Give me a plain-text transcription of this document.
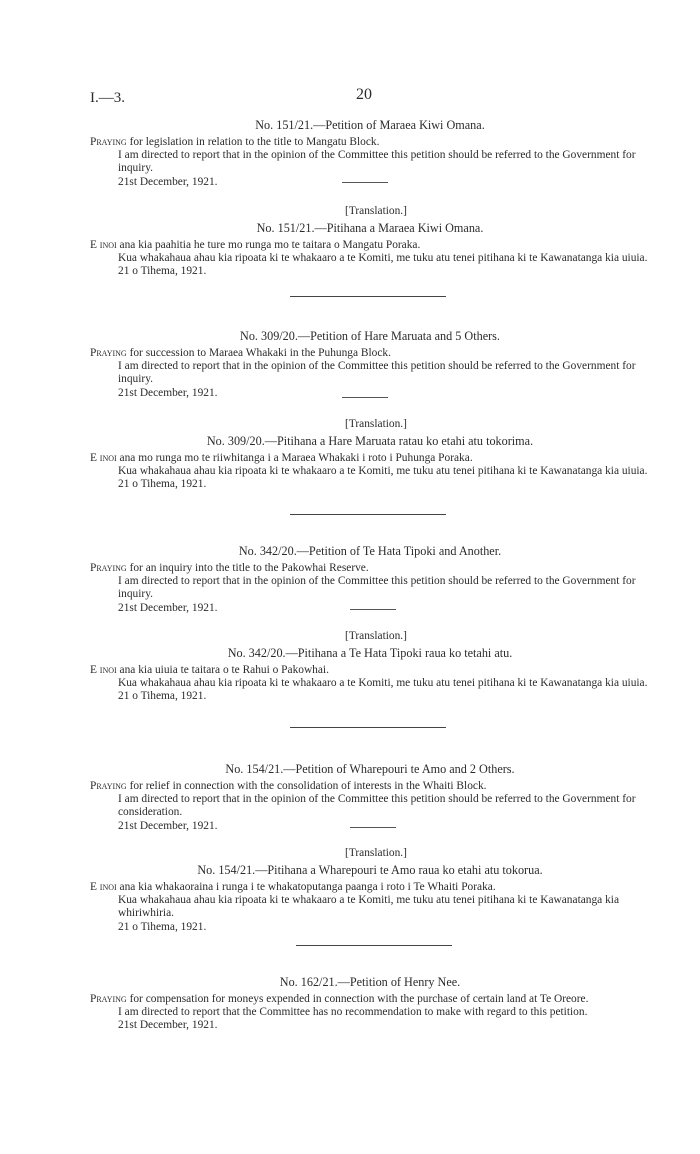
I.—3.	20
No. 151/21.—Petition of Maraea Kiwi Omana.

Praying for legislation in relation to the title to Mangatu Block.

I am directed to report that in the opinion of the Committee this petition should be referred to the Government for inquiry.

21st December, 1921.

[Translation.]
No. 151/21.—Pitihana a Maraea Kiwi Omana.

E inoi ana kia paahitia he ture mo runga mo te taitara o Mangatu Poraka.

Kua whakahaua ahau kia ripoata ki te whakaaro a te Komiti, me tuku atu tenei pitihana ki te Kawanatanga kia uiuia.

21 o Tihema, 1921.

No. 309/20.—Petition of Hare Maruata and 5 Others.

Praying for succession to Maraea Whakaki in the Puhunga Block.

I am directed to report that in the opinion of the Committee this petition should be referred to the Government for inquiry.

21st December, 1921.

[Translation.]
No. 309/20.—Pitihana a Hare Maruata ratau ko etahi atu tokorima.

E inoi ana mo runga mo te riiwhitanga i a Maraea Whakaki i roto i Puhunga Poraka.

Kua whakahaua ahau kia ripoata ki te whakaaro a te Komiti, me tuku atu tenei pitihana ki te Kawanatanga kia uiuia.

21 o Tihema, 1921.

No. 342/20.—Petition of Te Hata Tipoki and Another.

Praying for an inquiry into the title to the Pakowhai Reserve.

I am directed to report that in the opinion of the Committee this petition should be referred to the Government for inquiry.

21st December, 1921.

[Translation.]
No. 342/20.—Pitihana a Te Hata Tipoki raua ko tetahi atu.

E inoi ana kia uiuia te taitara o te Rahui o Pakowhai.

Kua whakahaua ahau kia ripoata ki te whakaaro a te Komiti, me tuku atu tenei pitihana ki te Kawanatanga kia uiuia.

21 o Tihema, 1921.

No. 154/21.—Petition of Wharepouri te Amo and 2 Others.

Praying for relief in connection with the consolidation of interests in the Whaiti Block.

I am directed to report that in the opinion of the Committee this petition should be referred to the Government for consideration.

21st December, 1921.

[Translation.]
No. 154/21.—Pitihana a Wharepouri te Amo raua ko etahi atu tokorua.

E inoi ana kia whakaoraina i runga i te whakatoputanga paanga i roto i Te Whaiti Poraka.

Kua whakahaua ahau kia ripoata ki te whakaaro a te Komiti, me tuku atu tenei pitihana ki te Kawanatanga kia whiriwhiria.

21 o Tihema, 1921.

No. 162/21.—Petition of Henry Nee.

Praying for compensation for moneys expended in connection with the purchase of certain land at Te Oreore.

I am directed to report that the Committee has no recommendation to make with regard to this petition.

21st December, 1921.
